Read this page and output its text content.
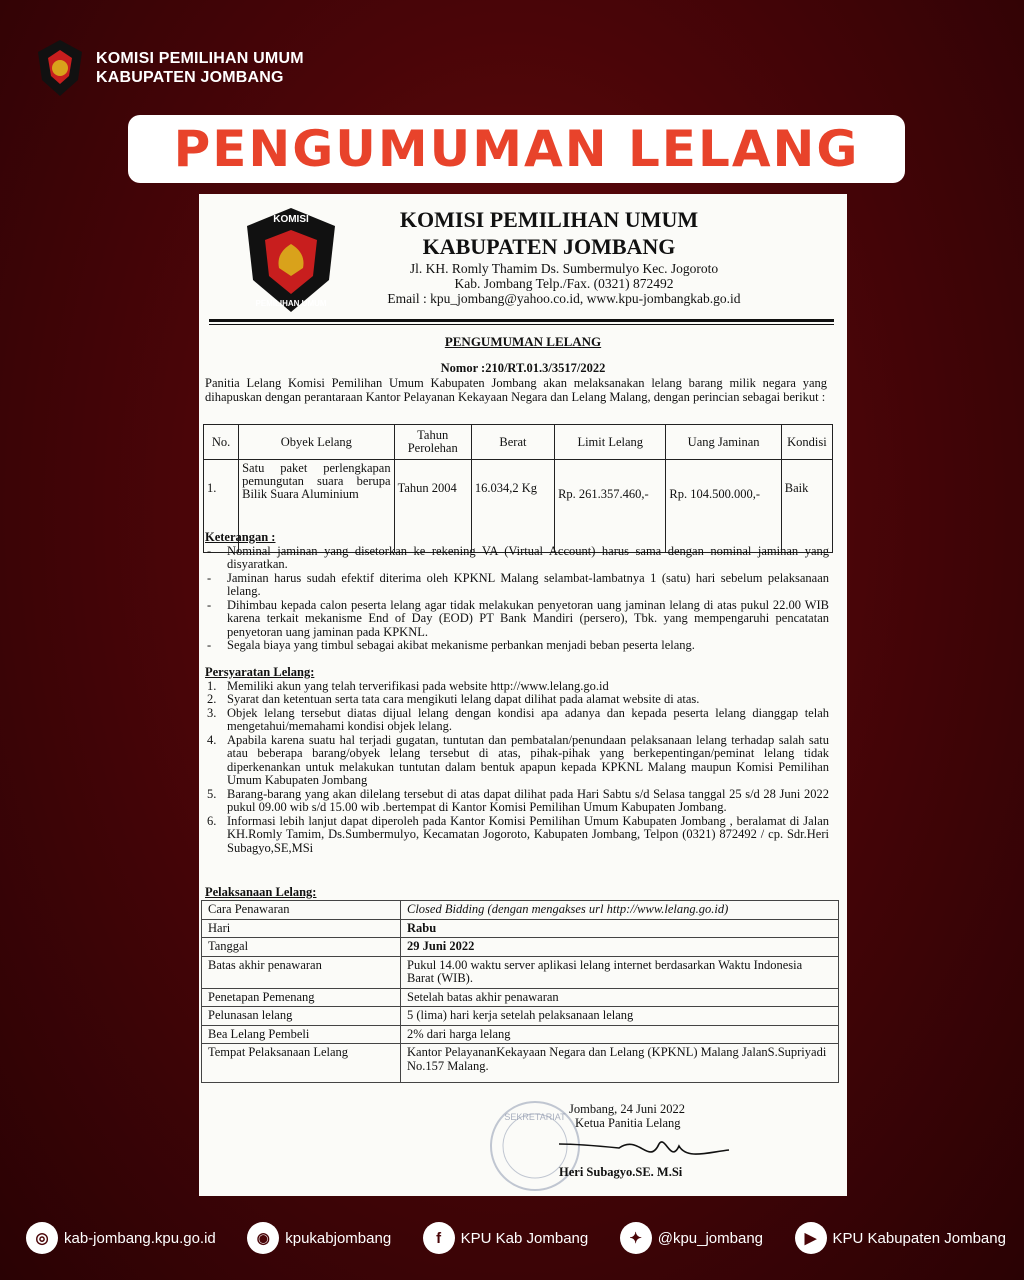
KOMISI PEMILIHAN UMUM
KABUPATEN JOMBANG
PENGUMUMAN LELANG
KOMISI
PEMILIHAN UMUM
KOMISI PEMILIHAN UMUM
KABUPATEN JOMBANG
Jl. KH. Romly Thamim Ds. Sumbermulyo Kec. Jogoroto
Kab. Jombang Telp./Fax. (0321) 872492
Email : kpu_jombang@yahoo.co.id, www.kpu-jombangkab.go.id
PENGUMUMAN LELANG
Nomor :210/RT.01.3/3517/2022
Panitia Lelang Komisi Pemilihan Umum Kabupaten Jombang akan melaksanakan lelang barang milik negara yang dihapuskan dengan perantaraan Kantor Pelayanan Kekayaan Negara dan Lelang Malang, dengan perincian sebagai berikut :
No.	Obyek Lelang	Tahun Perolehan	Berat	Limit Lelang	Uang Jaminan	Kondisi
1.	Satu paket perlengkapan pemungutan suara berupa Bilik Suara Aluminium	Tahun 2004	16.034,2 Kg	Rp. 261.357.460,-	Rp. 104.500.000,-	Baik
Keterangan :
- Nominal jaminan yang disetorkan ke rekening VA (Virtual Account) harus sama dengan nominal jaminan yang disyaratkan.
- Jaminan harus sudah efektif diterima oleh KPKNL Malang selambat-lambatnya 1 (satu) hari sebelum pelaksanaan lelang.
- Dihimbau kepada calon peserta lelang agar tidak melakukan penyetoran uang jaminan lelang di atas pukul 22.00 WIB karena terkait mekanisme End of Day (EOD) PT Bank Mandiri (persero), Tbk. yang mempengaruhi pencatatan penyetoran uang jaminan pada KPKNL.
- Segala biaya yang timbul sebagai akibat mekanisme perbankan menjadi beban peserta lelang.
Persyaratan Lelang:
1. Memiliki akun yang telah terverifikasi pada website http://www.lelang.go.id
2. Syarat dan ketentuan serta tata cara mengikuti lelang dapat dilihat pada alamat website di atas.
3. Objek lelang tersebut diatas dijual lelang dengan kondisi apa adanya dan kepada peserta lelang dianggap telah mengetahui/memahami kondisi objek lelang.
4. Apabila karena suatu hal terjadi gugatan, tuntutan dan pembatalan/penundaan pelaksanaan lelang terhadap salah satu atau beberapa barang/obyek lelang tersebut di atas, pihak-pihak yang berkepentingan/peminat lelang tidak diperkenankan untuk melakukan tuntutan dalam bentuk apapun kepada KPKNL Malang maupun Komisi Pemilihan Umum Kabupaten Jombang
5. Barang-barang yang akan dilelang tersebut di atas dapat dilihat pada Hari Sabtu s/d Selasa tanggal 25 s/d 28 Juni 2022 pukul 09.00 wib s/d 15.00 wib .bertempat di Kantor Komisi Pemilihan Umum Kabupaten Jombang.
6. Informasi lebih lanjut dapat diperoleh pada Kantor Komisi Pemilihan Umum Kabupaten Jombang , beralamat di Jalan KH.Romly Tamim, Ds.Sumbermulyo, Kecamatan Jogoroto, Kabupaten Jombang, Telpon (0321) 872492 / cp. Sdr.Heri Subagyo,SE,MSi
Pelaksanaan Lelang:
Cara Penawaran	Closed Bidding (dengan mengakses url http://www.lelang.go.id)
Hari	Rabu
Tanggal	29 Juni 2022
Batas akhir penawaran	Pukul 14.00 waktu server aplikasi lelang internet berdasarkan Waktu Indonesia Barat (WIB).
Penetapan Pemenang	Setelah batas akhir penawaran
Pelunasan lelang	5 (lima) hari kerja setelah pelaksanaan lelang
Bea Lelang Pembeli	2% dari harga lelang
Tempat Pelaksanaan Lelang	Kantor PelayananKekayaan Negara dan Lelang (KPKNL) Malang JalanS.Supriyadi No.157 Malang.
SEKRETARIAT
Jombang, 24 Juni 2022
Ketua Panitia Lelang
Heri Subagyo.SE. M.Si
◎	kab-jombang.kpu.go.id	◉	kpukabjombang	f	KPU Kab Jombang	✦	@kpu_jombang	▶	KPU Kabupaten Jombang
